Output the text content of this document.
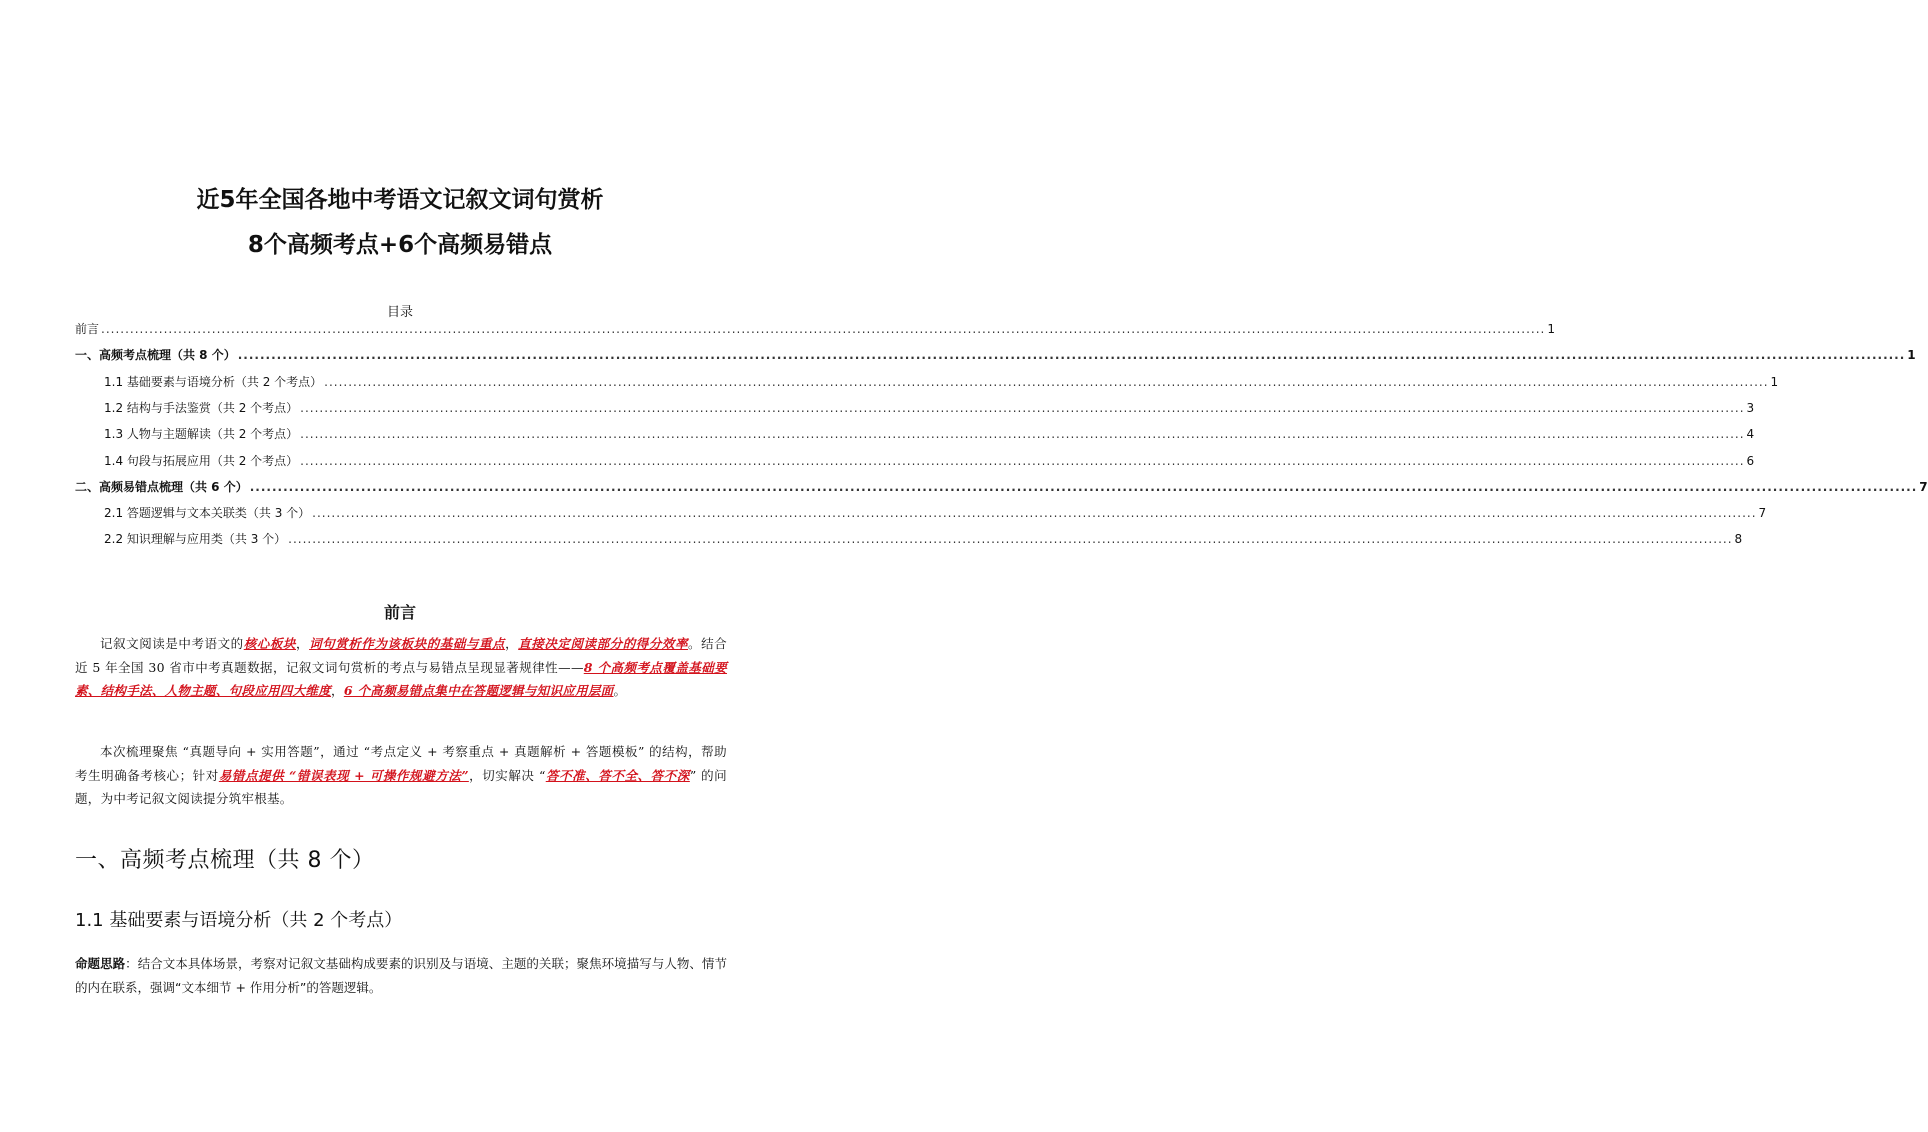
近5年全国各地中考语文记叙文词句赏析
8个高频考点+6个高频易错点
目录
前言 ............................................................................................................................................................................................................................................................................................................ 1
一、高频考点梳理（共 8 个） ............................................................................................................................................................................................................................................................................................................ 1
1.1 基础要素与语境分析（共 2 个考点） ............................................................................................................................................................................................................................................................................................................ 1
1.2 结构与手法鉴赏（共 2 个考点） ............................................................................................................................................................................................................................................................................................................ 3
1.3 人物与主题解读（共 2 个考点） ............................................................................................................................................................................................................................................................................................................ 4
1.4 句段与拓展应用（共 2 个考点） ............................................................................................................................................................................................................................................................................................................ 6
二、高频易错点梳理（共 6 个） ............................................................................................................................................................................................................................................................................................................ 7
2.1 答题逻辑与文本关联类（共 3 个） ............................................................................................................................................................................................................................................................................................................ 7
2.2 知识理解与应用类（共 3 个） ............................................................................................................................................................................................................................................................................................................ 8
前言
记叙文阅读是中考语文的核心板块，词句赏析作为该板块的基础与重点，直接决定阅读部分的得分效率。结合近 5 年全国 30 省市中考真题数据，记叙文词句赏析的考点与易错点呈现显著规律性——8 个高频考点覆盖基础要素、结构手法、人物主题、句段应用四大维度，6 个高频易错点集中在答题逻辑与知识应用层面。
本次梳理聚焦 “真题导向 + 实用答题”，通过 “考点定义 + 考察重点 + 真题解析 + 答题模板” 的结构，帮助考生明确备考核心；针对易错点提供 “错误表现 + 可操作规避方法”，切实解决 “答不准、答不全、答不深” 的问题，为中考记叙文阅读提分筑牢根基。
一、高频考点梳理（共 8 个）
1.1 基础要素与语境分析（共 2 个考点）
命题思路：结合文本具体场景，考察对记叙文基础构成要素的识别及与语境、主题的关联；聚焦环境描写与人物、情节的内在联系，强调“文本细节 + 作用分析”的答题逻辑。
